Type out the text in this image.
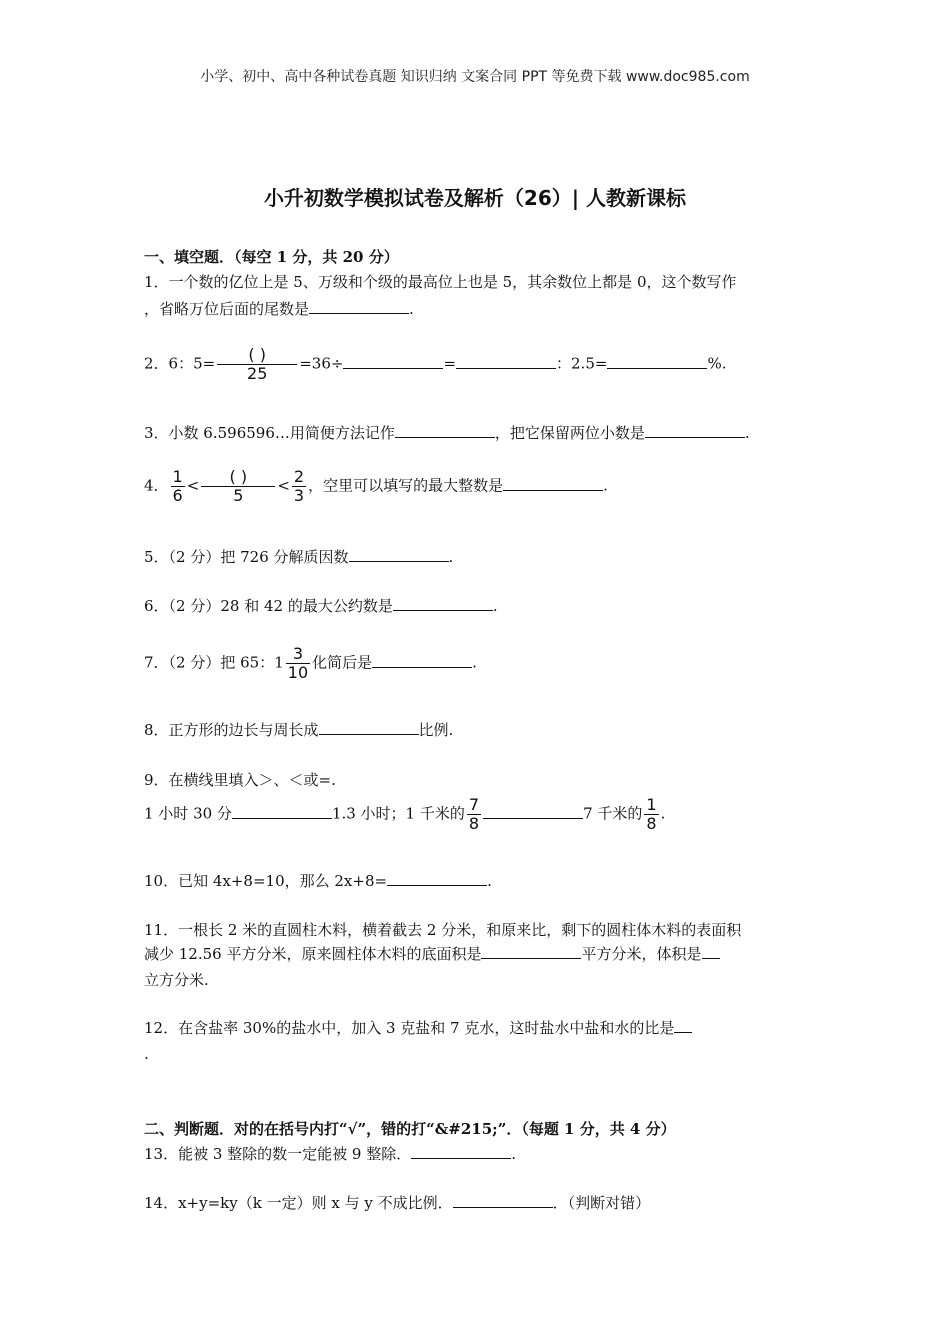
小学、初中、高中各种试卷真题 知识归纳 文案合同 PPT 等免费下载 www.doc985.com
小升初数学模拟试卷及解析（26）| 人教新课标
一、填空题．（每空 1 分，共 20 分）
1．一个数的亿位上是 5、万级和个级的最高位上也是 5，其余数位上都是 0，这个数写作
，省略万位后面的尾数是	.
2．6：$5= \frac{( )}{25} =36\div$	=	：2.5=	%.
3．小数 6.596596…用简便方法记作	，把它保留两位小数是	.
4． $\frac{1}{6} < \frac{( )}{5} < \frac{2}{3}$ ，空里可以填写的最大整数是	.
5．（2 分）把 726 分解质因数	.
6．（2 分）28 和 42 的最大公约数是	.
7．（2 分）把 65：$1 \frac{3}{10}$ 化简后是	.
8．正方形的边长与周长成	比例.
9．在横线里填入＞、＜或=.
1 小时 30 分	1.3 小时；1 千米的 $\frac{7}{8}$	7 千米的 $\frac{1}{8}$ .
10．已知 4x+8=10，那么 2x+8=	.
11．一根长 2 米的直圆柱木料，横着截去 2 分米，和原来比，剩下的圆柱体木料的表面积
减少 12.56 平方分米，原来圆柱体木料的底面积是	平方分米，体积是
立方分米.
12．在含盐率 30%的盐水中，加入 3 克盐和 7 克水，这时盐水中盐和水的比是
.
二、判断题．对的在括号内打“√”，错的打“&#215;”．（每题 1 分，共 4 分）
13．能被 3 整除的数一定能被 9 整除．	.
14．x+y=ky（k 一定）则 x 与 y 不成比例．	．（判断对错）
